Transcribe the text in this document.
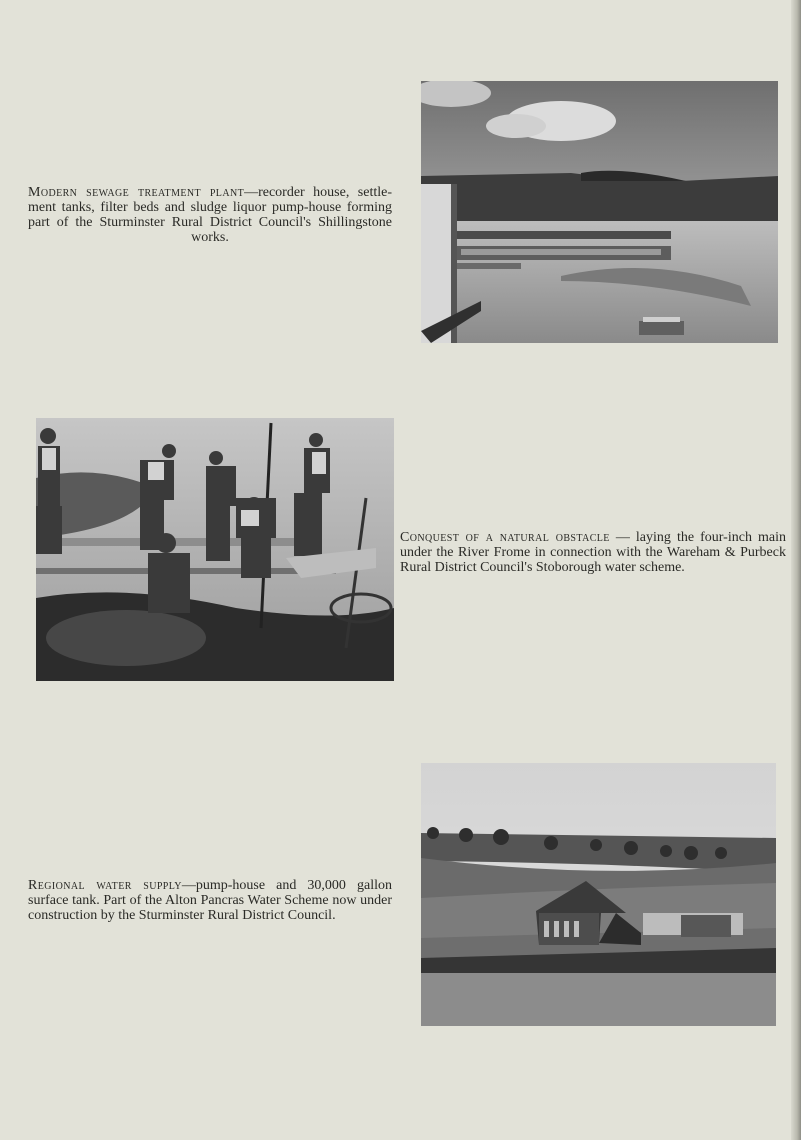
Modern sewage treatment plant—recorder house, settle-ment tanks, filter beds and sludge liquor pump-house forming part of the Sturminster Rural District Council's Shillingstone works.

Conquest of a natural obstacle — laying the four-inch main under the River Frome in connection with the Wareham & Purbeck Rural District Council's Stoborough water scheme.

Regional water supply—pump-house and 30,000 gallon surface tank. Part of the Alton Pancras Water Scheme now under construction by the Sturminster Rural District Council.
